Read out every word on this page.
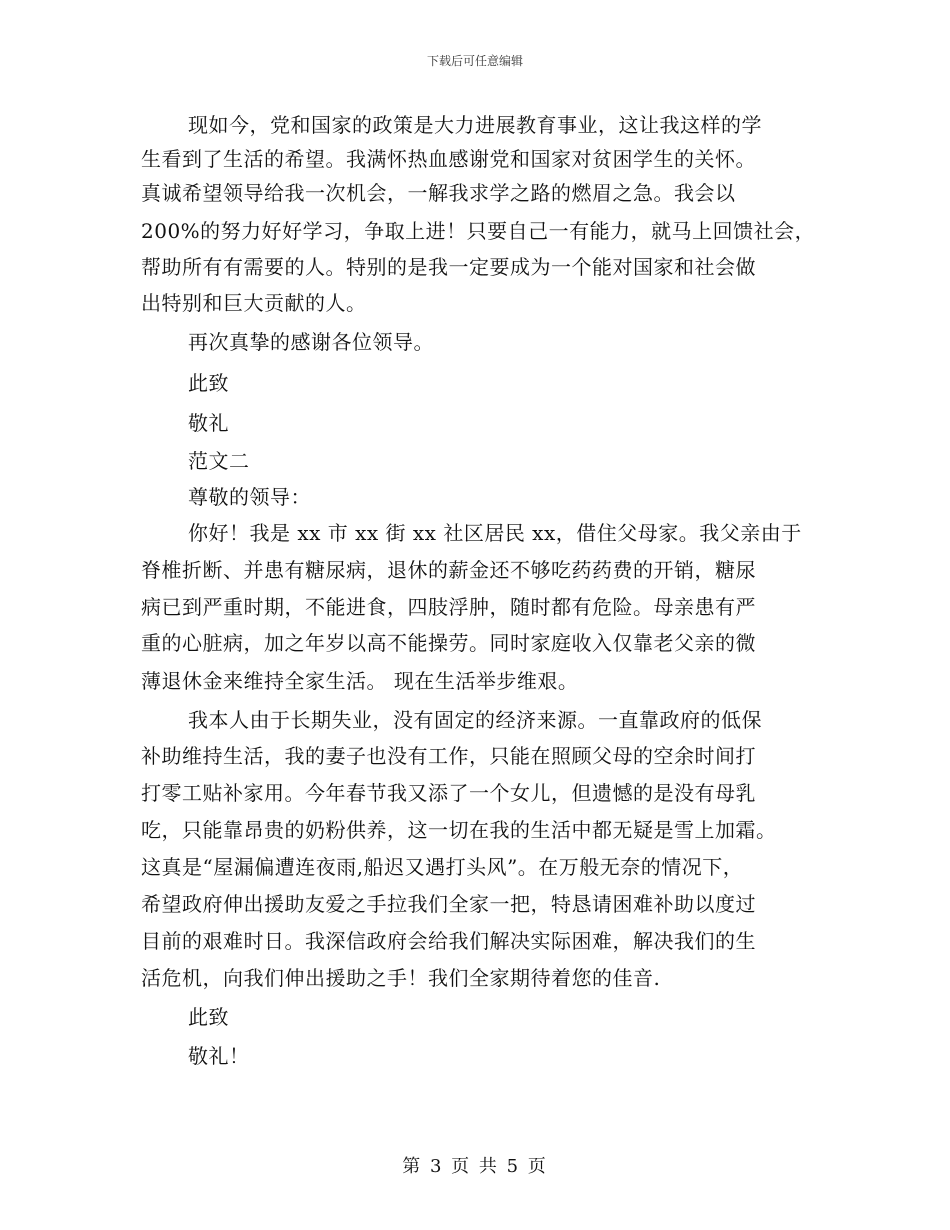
下载后可任意编辑
现如今，党和国家的政策是大力进展教育事业，这让我这样的学
生看到了生活的希望。我满怀热血感谢党和国家对贫困学生的关怀。
真诚希望领导给我一次机会，一解我求学之路的燃眉之急。我会以
200%的努力好好学习，争取上进！只要自己一有能力，就马上回馈社会，
帮助所有有需要的人。特别的是我一定要成为一个能对国家和社会做
出特别和巨大贡献的人。
再次真挚的感谢各位领导。
此致
敬礼
范文二
尊敬的领导：
你好！我是 xx 市 xx 街 xx 社区居民 xx，借住父母家。我父亲由于
脊椎折断、并患有糖尿病，退休的薪金还不够吃药药费的开销，糖尿
病已到严重时期，不能进食，四肢浮肿，随时都有危险。母亲患有严
重的心脏病，加之年岁以高不能操劳。同时家庭收入仅靠老父亲的微
薄退休金来维持全家生活。 现在生活举步维艰。
我本人由于长期失业，没有固定的经济来源。一直靠政府的低保
补助维持生活，我的妻子也没有工作，只能在照顾父母的空余时间打
打零工贴补家用。今年春节我又添了一个女儿，但遗憾的是没有母乳
吃，只能靠昂贵的奶粉供养，这一切在我的生活中都无疑是雪上加霜。
这真是“屋漏偏遭连夜雨,船迟又遇打头风”。在万般无奈的情况下，
希望政府伸出援助友爱之手拉我们全家一把，特恳请困难补助以度过
目前的艰难时日。我深信政府会给我们解决实际困难，解决我们的生
活危机，向我们伸出援助之手！我们全家期待着您的佳音.
此致
敬礼！
第 3 页 共 5 页
